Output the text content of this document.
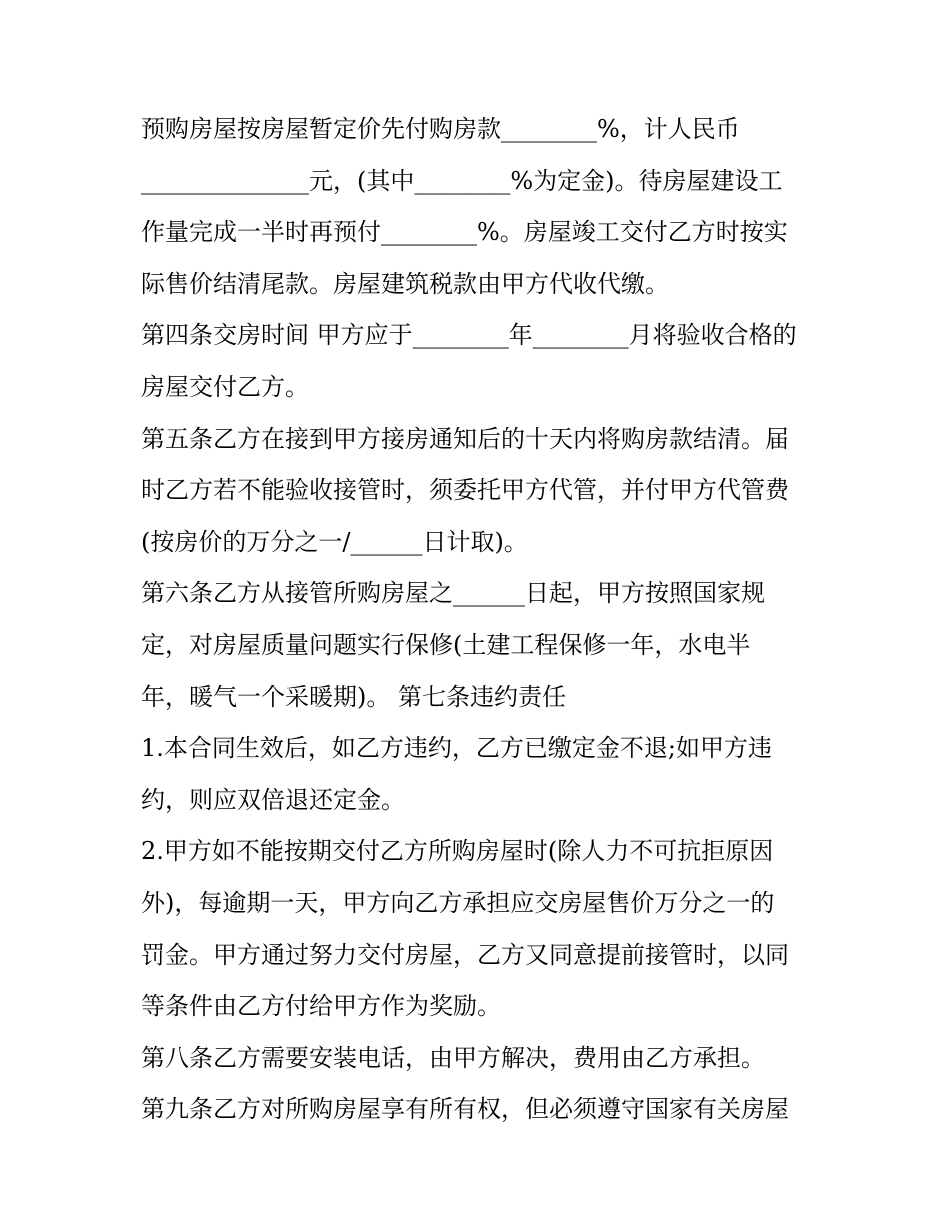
预购房屋按房屋暂定价先付购房款________%，计人民币
______________元，(其中________%为定金)。待房屋建设工
作量完成一半时再预付________%。房屋竣工交付乙方时按实
际售价结清尾款。房屋建筑税款由甲方代收代缴。
第四条交房时间 甲方应于________年________月将验收合格的
房屋交付乙方。
第五条乙方在接到甲方接房通知后的十天内将购房款结清。届
时乙方若不能验收接管时，须委托甲方代管，并付甲方代管费
(按房价的万分之一/______日计取)。
第六条乙方从接管所购房屋之______日起，甲方按照国家规
定，对房屋质量问题实行保修(土建工程保修一年，水电半
年，暖气一个采暖期)。 第七条违约责任
1.本合同生效后，如乙方违约，乙方已缴定金不退;如甲方违
约，则应双倍退还定金。
2.甲方如不能按期交付乙方所购房屋时(除人力不可抗拒原因
外)，每逾期一天，甲方向乙方承担应交房屋售价万分之一的
罚金。甲方通过努力交付房屋，乙方又同意提前接管时，以同
等条件由乙方付给甲方作为奖励。
第八条乙方需要安装电话，由甲方解决，费用由乙方承担。
第九条乙方对所购房屋享有所有权，但必须遵守国家有关房屋
